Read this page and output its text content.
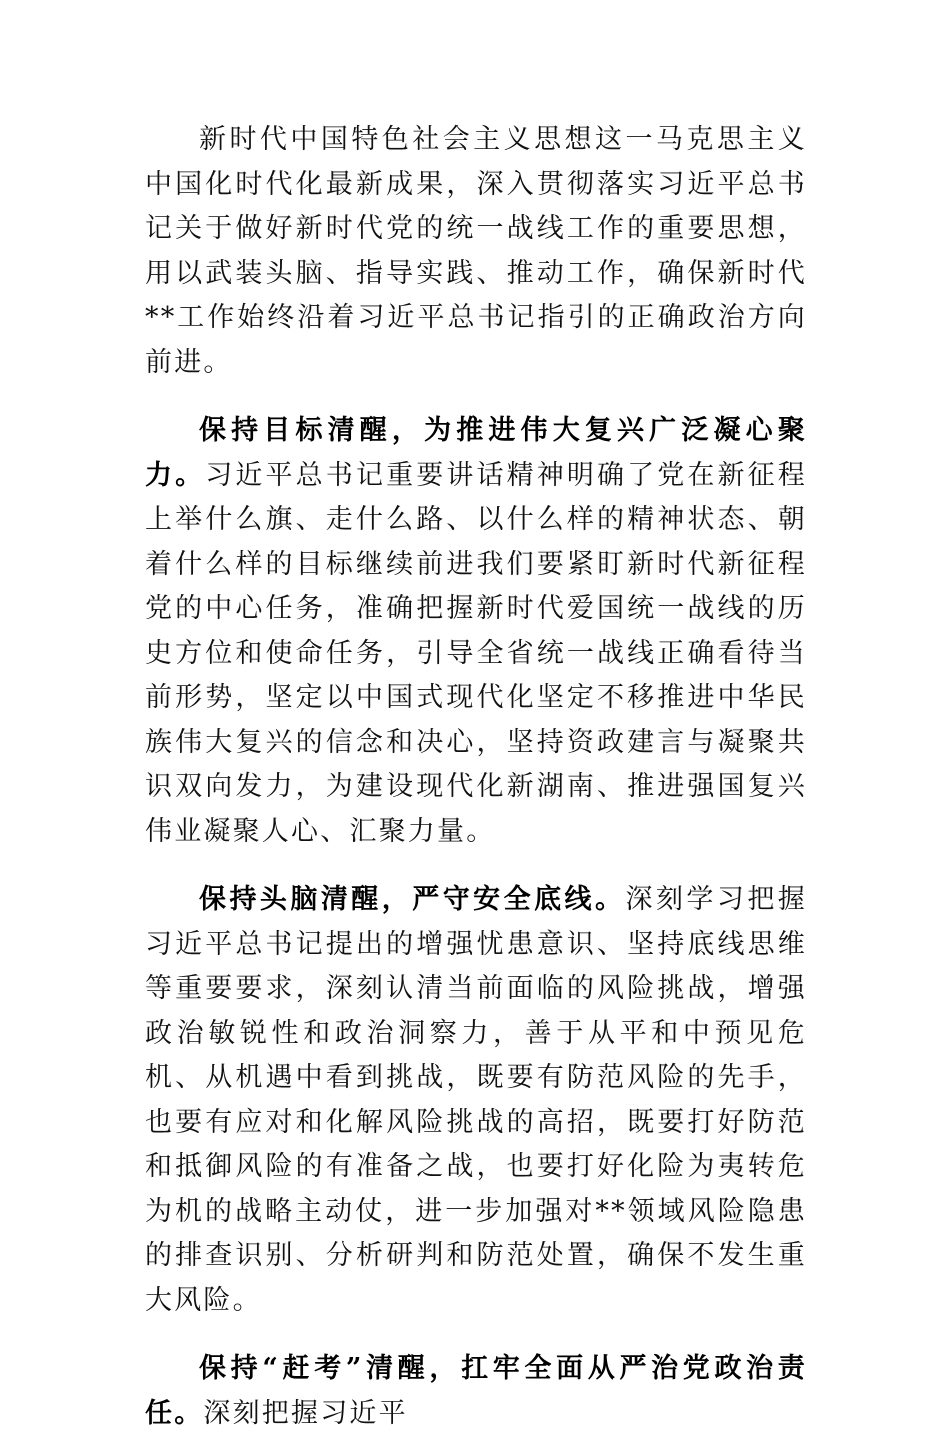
新时代中国特色社会主义思想这一马克思主义中国化时代化最新成果，深入贯彻落实习近平总书记关于做好新时代党的统一战线工作的重要思想，用以武装头脑、指导实践、推动工作，确保新时代**工作始终沿着习近平总书记指引的正确政治方向前进。

保持目标清醒，为推进伟大复兴广泛凝心聚力。习近平总书记重要讲话精神明确了党在新征程上举什么旗、走什么路、以什么样的精神状态、朝着什么样的目标继续前进我们要紧盯新时代新征程党的中心任务，准确把握新时代爱国统一战线的历史方位和使命任务，引导全省统一战线正确看待当前形势，坚定以中国式现代化坚定不移推进中华民族伟大复兴的信念和决心，坚持资政建言与凝聚共识双向发力，为建设现代化新湖南、推进强国复兴伟业凝聚人心、汇聚力量。

保持头脑清醒，严守安全底线。深刻学习把握习近平总书记提出的增强忧患意识、坚持底线思维等重要要求，深刻认清当前面临的风险挑战，增强政治敏锐性和政治洞察力，善于从平和中预见危机、从机遇中看到挑战，既要有防范风险的先手，也要有应对和化解风险挑战的高招，既要打好防范和抵御风险的有准备之战，也要打好化险为夷转危为机的战略主动仗，进一步加强对**领域风险隐患的排查识别、分析研判和防范处置，确保不发生重大风险。

保持“赶考”清醒，扛牢全面从严治党政治责任。深刻把握习近平
